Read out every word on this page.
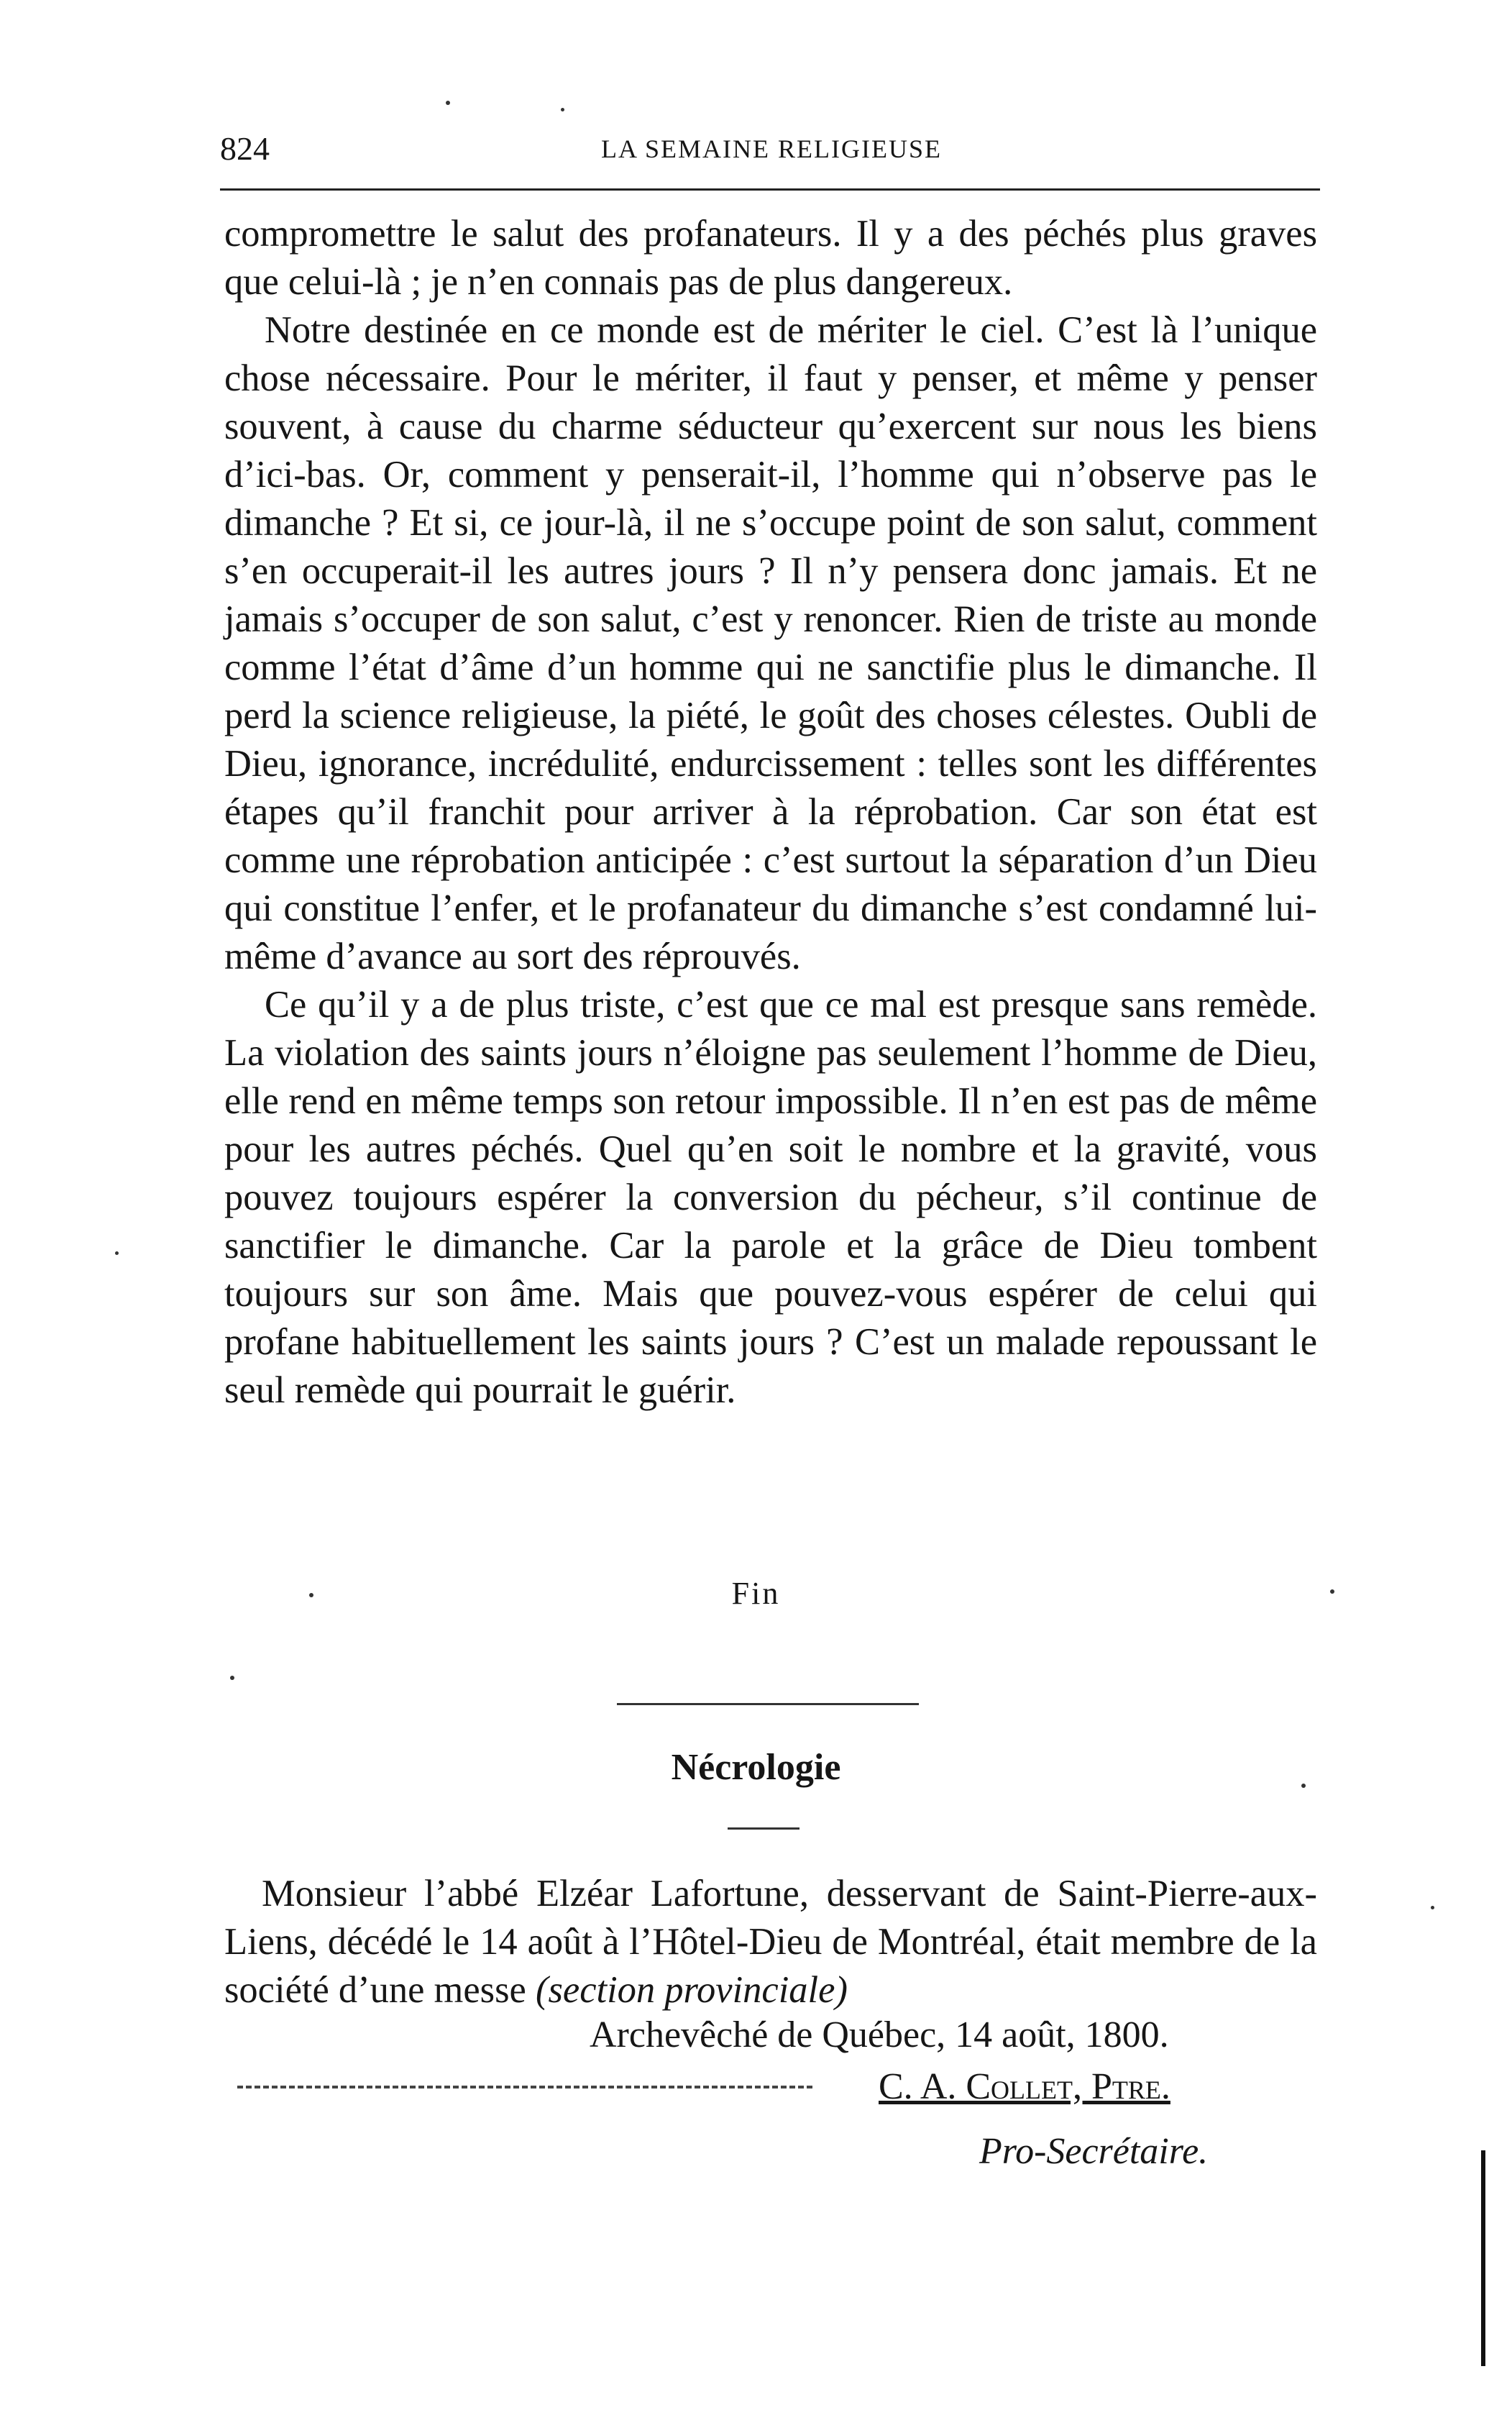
824	LA SEMAINE RELIGIEUSE

compromettre le salut des profanateurs. Il y a des péchés plus graves que celui-là ; je n’en connais pas de plus dangereux.

Notre destinée en ce monde est de mériter le ciel. C’est là l’unique chose nécessaire. Pour le mériter, il faut y penser, et même y penser souvent, à cause du charme séducteur qu’exercent sur nous les biens d’ici-bas. Or, comment y penserait-il, l’homme qui n’observe pas le dimanche ? Et si, ce jour-là, il ne s’occupe point de son salut, comment s’en occuperait-il les autres jours ? Il n’y pensera donc jamais. Et ne jamais s’occuper de son salut, c’est y renoncer. Rien de triste au monde comme l’état d’âme d’un homme qui ne sanctifie plus le dimanche. Il perd la science religieuse, la piété, le goût des choses célestes. Oubli de Dieu, ignorance, incrédulité, endurcissement : telles sont les différentes étapes qu’il franchit pour arriver à la réprobation. Car son état est comme une réprobation anticipée : c’est surtout la séparation d’un Dieu qui constitue l’enfer, et le profanateur du dimanche s’est condamné lui-même d’avance au sort des réprouvés.

Ce qu’il y a de plus triste, c’est que ce mal est presque sans remède. La violation des saints jours n’éloigne pas seulement l’homme de Dieu, elle rend en même temps son retour impossible. Il n’en est pas de même pour les autres péchés. Quel qu’en soit le nombre et la gravité, vous pouvez toujours espérer la conversion du pécheur, s’il continue de sanctifier le dimanche. Car la parole et la grâce de Dieu tombent toujours sur son âme. Mais que pouvez-vous espérer de celui qui profane habituellement les saints jours ? C’est un malade repoussant le seul remède qui pourrait le guérir.

Fin
Nécrologie

Monsieur l’abbé Elzéar Lafortune, desservant de Saint-Pierre-aux-Liens, décédé le 14 août à l’Hôtel-Dieu de Montréal, était membre de la société d’une messe (section provinciale)

Archevêché de Québec, 14 août, 1800.
C. A. Collet, Ptre.
Pro-Secrétaire.
